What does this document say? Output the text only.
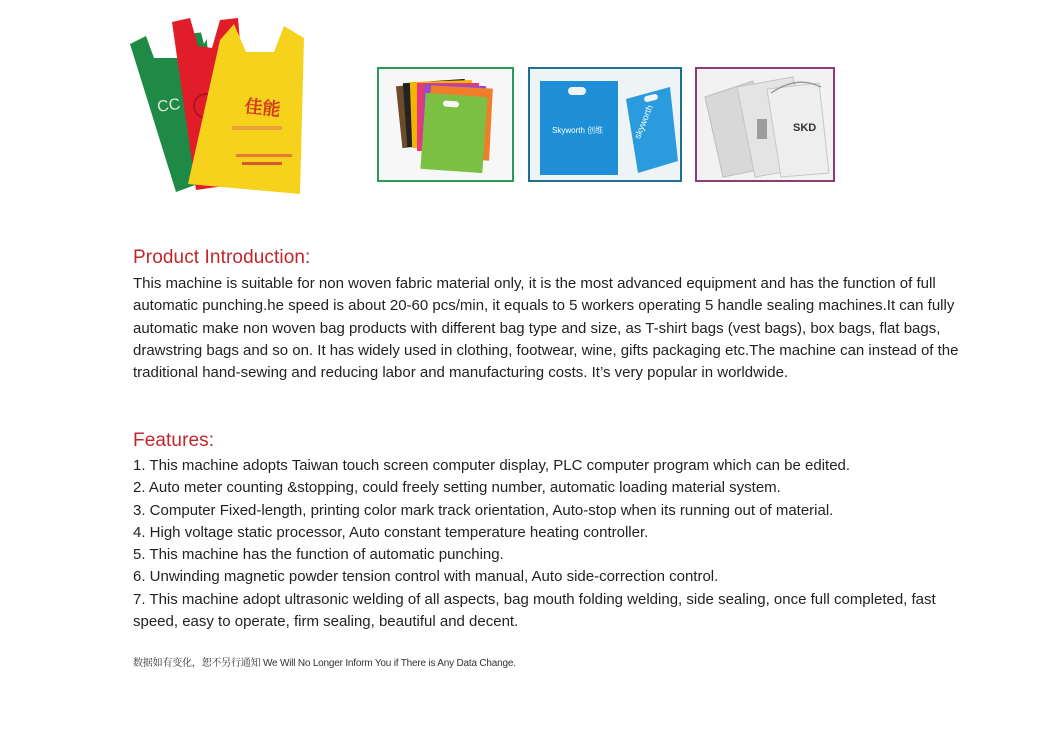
CC	佳能
Skyworth 创维	skyworth	SKD
Product Introduction:

This machine is suitable for non woven fabric material only, it is the most advanced equipment and has the function of full
automatic punching.he speed is about 20-60 pcs/min, it equals to 5 workers operating 5 handle sealing machines.It can fully
automatic make non woven bag products with different bag type and size, as T-shirt bags (vest bags), box bags, flat bags,
drawstring bags and so on. It has widely used in clothing, footwear, wine, gifts packaging etc.The machine can instead of the
traditional hand-sewing and reducing labor and manufacturing costs. It’s very popular in worldwide.

Features:
1. This machine adopts Taiwan touch screen computer display, PLC computer program which can be edited.
2. Auto meter counting &stopping, could freely setting number, automatic loading material system.
3. Computer Fixed-length, printing color mark track orientation, Auto-stop when its running out of material.
4. High voltage static processor, Auto constant temperature heating controller.
5. This machine has the function of automatic punching.
6. Unwinding magnetic powder tension control with manual, Auto side-correction control.
7. This machine adopt ultrasonic welding of all aspects, bag mouth folding welding, side sealing, once full completed, fast
speed, easy to operate, firm sealing, beautiful and decent.

数据如有变化，恕不另行通知 We Will No Longer Inform You if There is Any Data Change.
